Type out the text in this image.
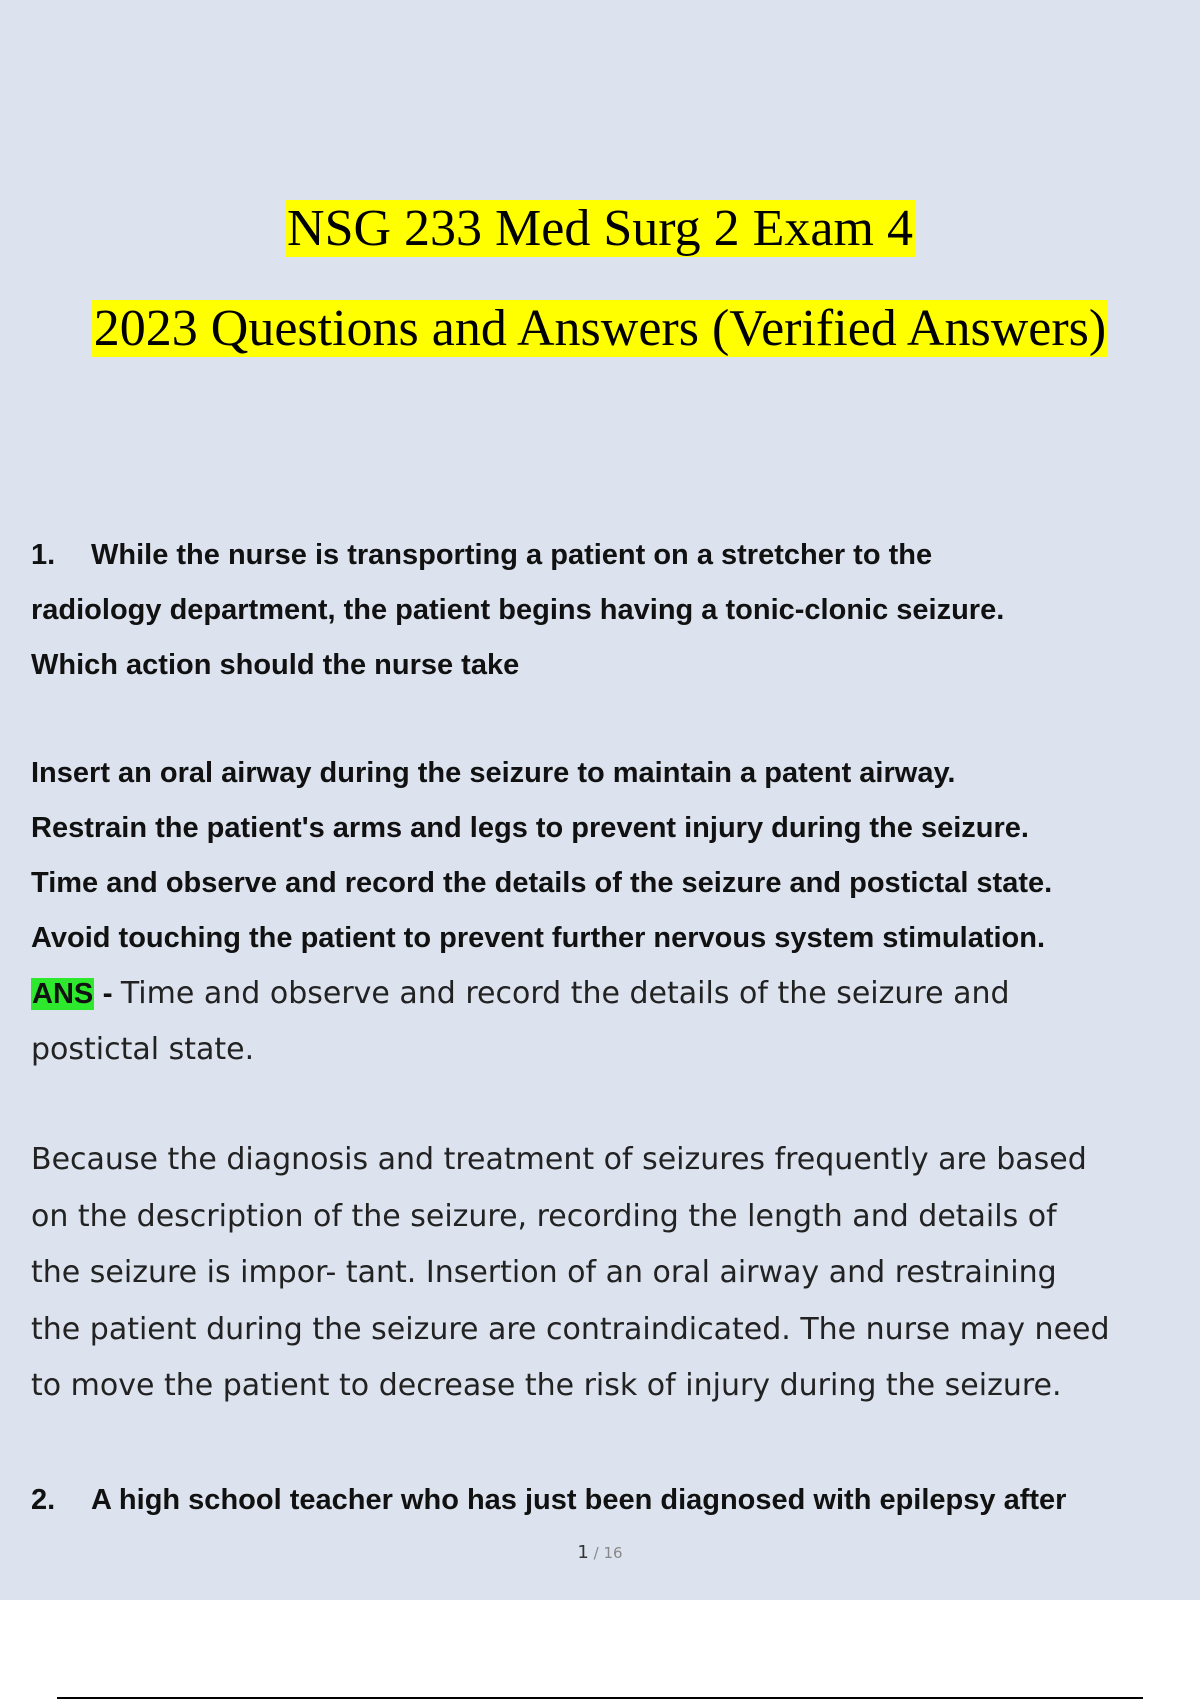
NSG 233 Med Surg 2 Exam 4
2023 Questions and Answers (Verified Answers)
1. While the nurse is transporting a patient on a stretcher to the
radiology department, the patient begins having a tonic-clonic seizure.
Which action should the nurse take
Insert an oral airway during the seizure to maintain a patent airway.
Restrain the patient's arms and legs to prevent injury during the seizure.
Time and observe and record the details of the seizure and postictal state.
Avoid touching the patient to prevent further nervous system stimulation.
ANS - Time and observe and record the details of the seizure and
postictal state.
Because the diagnosis and treatment of seizures frequently are based
on the description of the seizure, recording the length and details of
the seizure is impor- tant. Insertion of an oral airway and restraining
the patient during the seizure are contraindicated. The nurse may need
to move the patient to decrease the risk of injury during the seizure.
2. A high school teacher who has just been diagnosed with epilepsy after
1 / 16
